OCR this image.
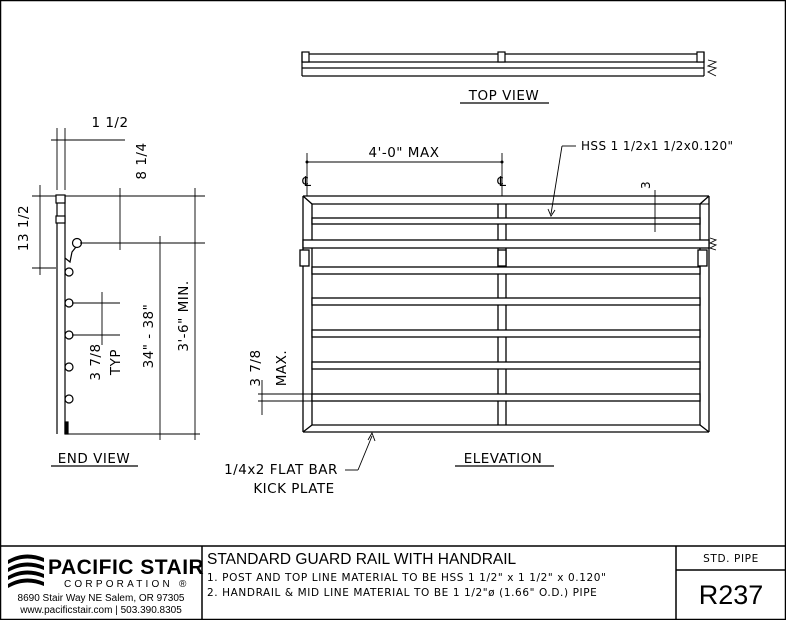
TOP VIEW
4'-0" MAX
℄	℄
HSS 1 1/2x1 1/2x0.120"
3
3 7/8 MAX.
ELEVATION
1/4x2 FLAT BAR
KICK PLATE
1 1/2
8 1/4
13 1/2
3 7/8 TYP 34" - 38" 3'-6" MIN.
END VIEW
PACIFIC STAIR
CORPORATION ®
8690 Stair Way NE Salem, OR 97305
www.pacificstair.com | 503.390.8305
STANDARD GUARD RAIL WITH HANDRAIL
1. POST AND TOP LINE MATERIAL TO BE HSS 1 1/2" x 1 1/2" x 0.120"
2. HANDRAIL & MID LINE MATERIAL TO BE 1 1/2"ø (1.66" O.D.) PIPE
STD. PIPE
R237
